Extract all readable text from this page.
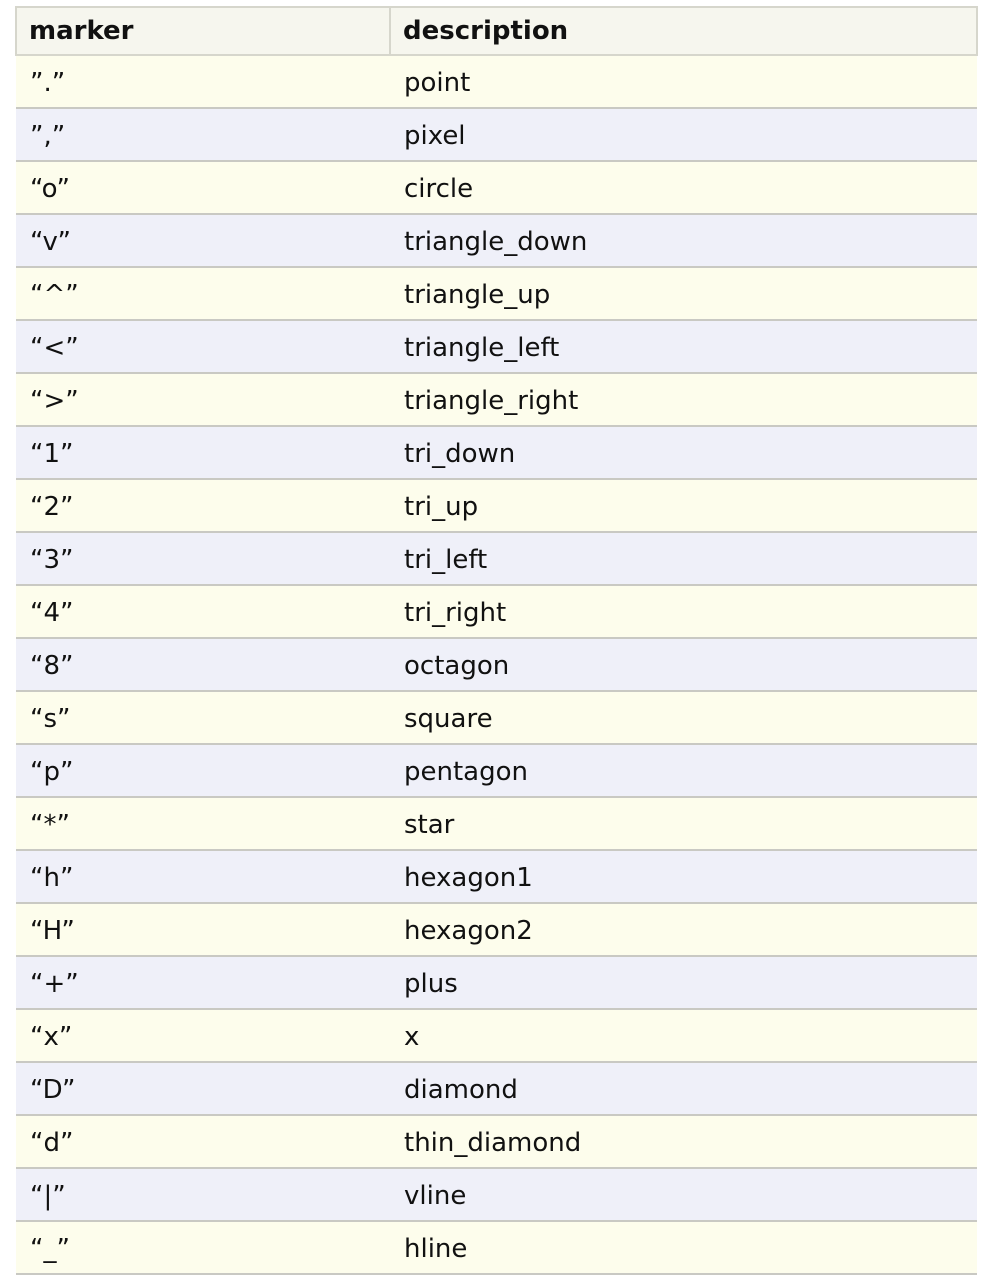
marker	description
”.”	point
”,”	pixel
“o”	circle
“v”	triangle_down
“^”	triangle_up
“<”	triangle_left
“>”	triangle_right
“1”	tri_down
“2”	tri_up
“3”	tri_left
“4”	tri_right
“8”	octagon
“s”	square
“p”	pentagon
“*”	star
“h”	hexagon1
“H”	hexagon2
“+”	plus
“x”	x
“D”	diamond
“d”	thin_diamond
“|”	vline
“_”	hline
